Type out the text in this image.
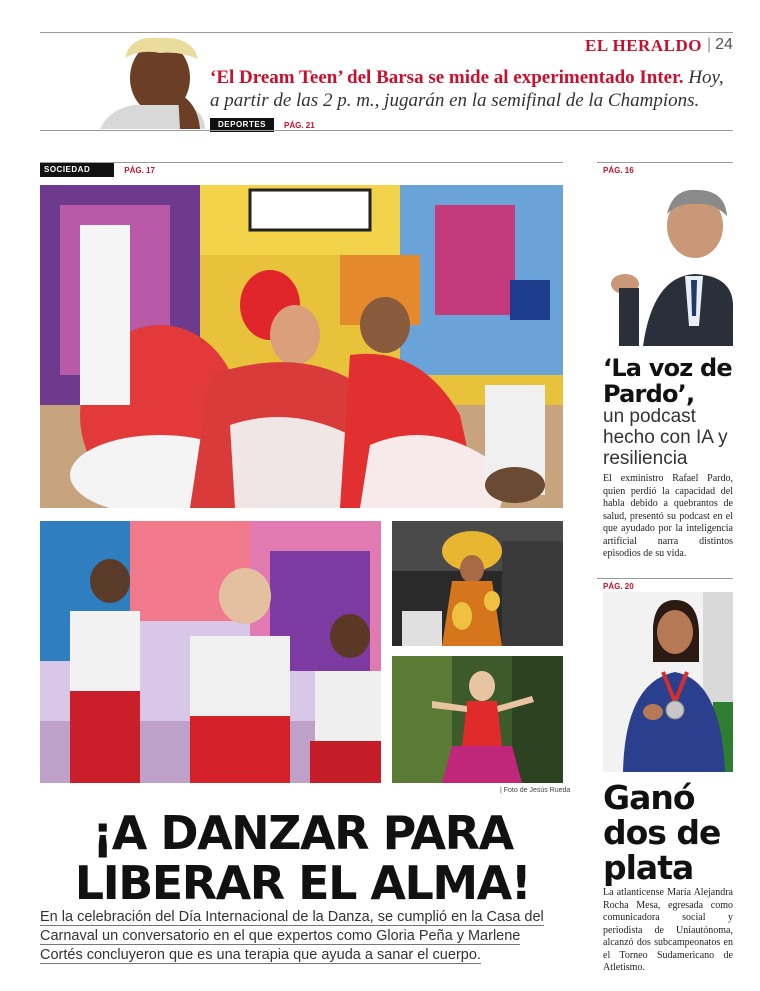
EL HERALDO | 24
‘El Dream Teen’ del Barsa se mide al experimentado Inter. Hoy, a partir de las 2 p. m., jugarán en la semifinal de la Champions.
DEPORTES	PÁG. 21
SOCIEDAD	PÁG. 17
| Foto de Jesús Rueda
¡A DANZAR PARA
LIBERAR EL ALMA!
En la celebración del Día Internacional de la Danza, se cumplió en la Casa del Carnaval un conversatorio en el que expertos como Gloria Peña y Marlene Cortés concluyeron que es una terapia que ayuda a sanar el cuerpo.
PÁG. 16
‘La voz de Pardo’,
un podcast hecho con IA y resiliencia
El exministro Rafael Pardo, quien perdió la capacidad del habla debido a quebrantos de salud, presentó su podcast en el que ayudado por la inteligencia artificial narra distintos episodios de su vida.
PÁG. 20
Ganó dos de plata
La atlanticense María Alejandra Rocha Mesa, egresada como comunicadora social y periodista de Uniautónoma, alcanzó dos subcampeonatos en el Torneo Sudamericano de Atletismo.
